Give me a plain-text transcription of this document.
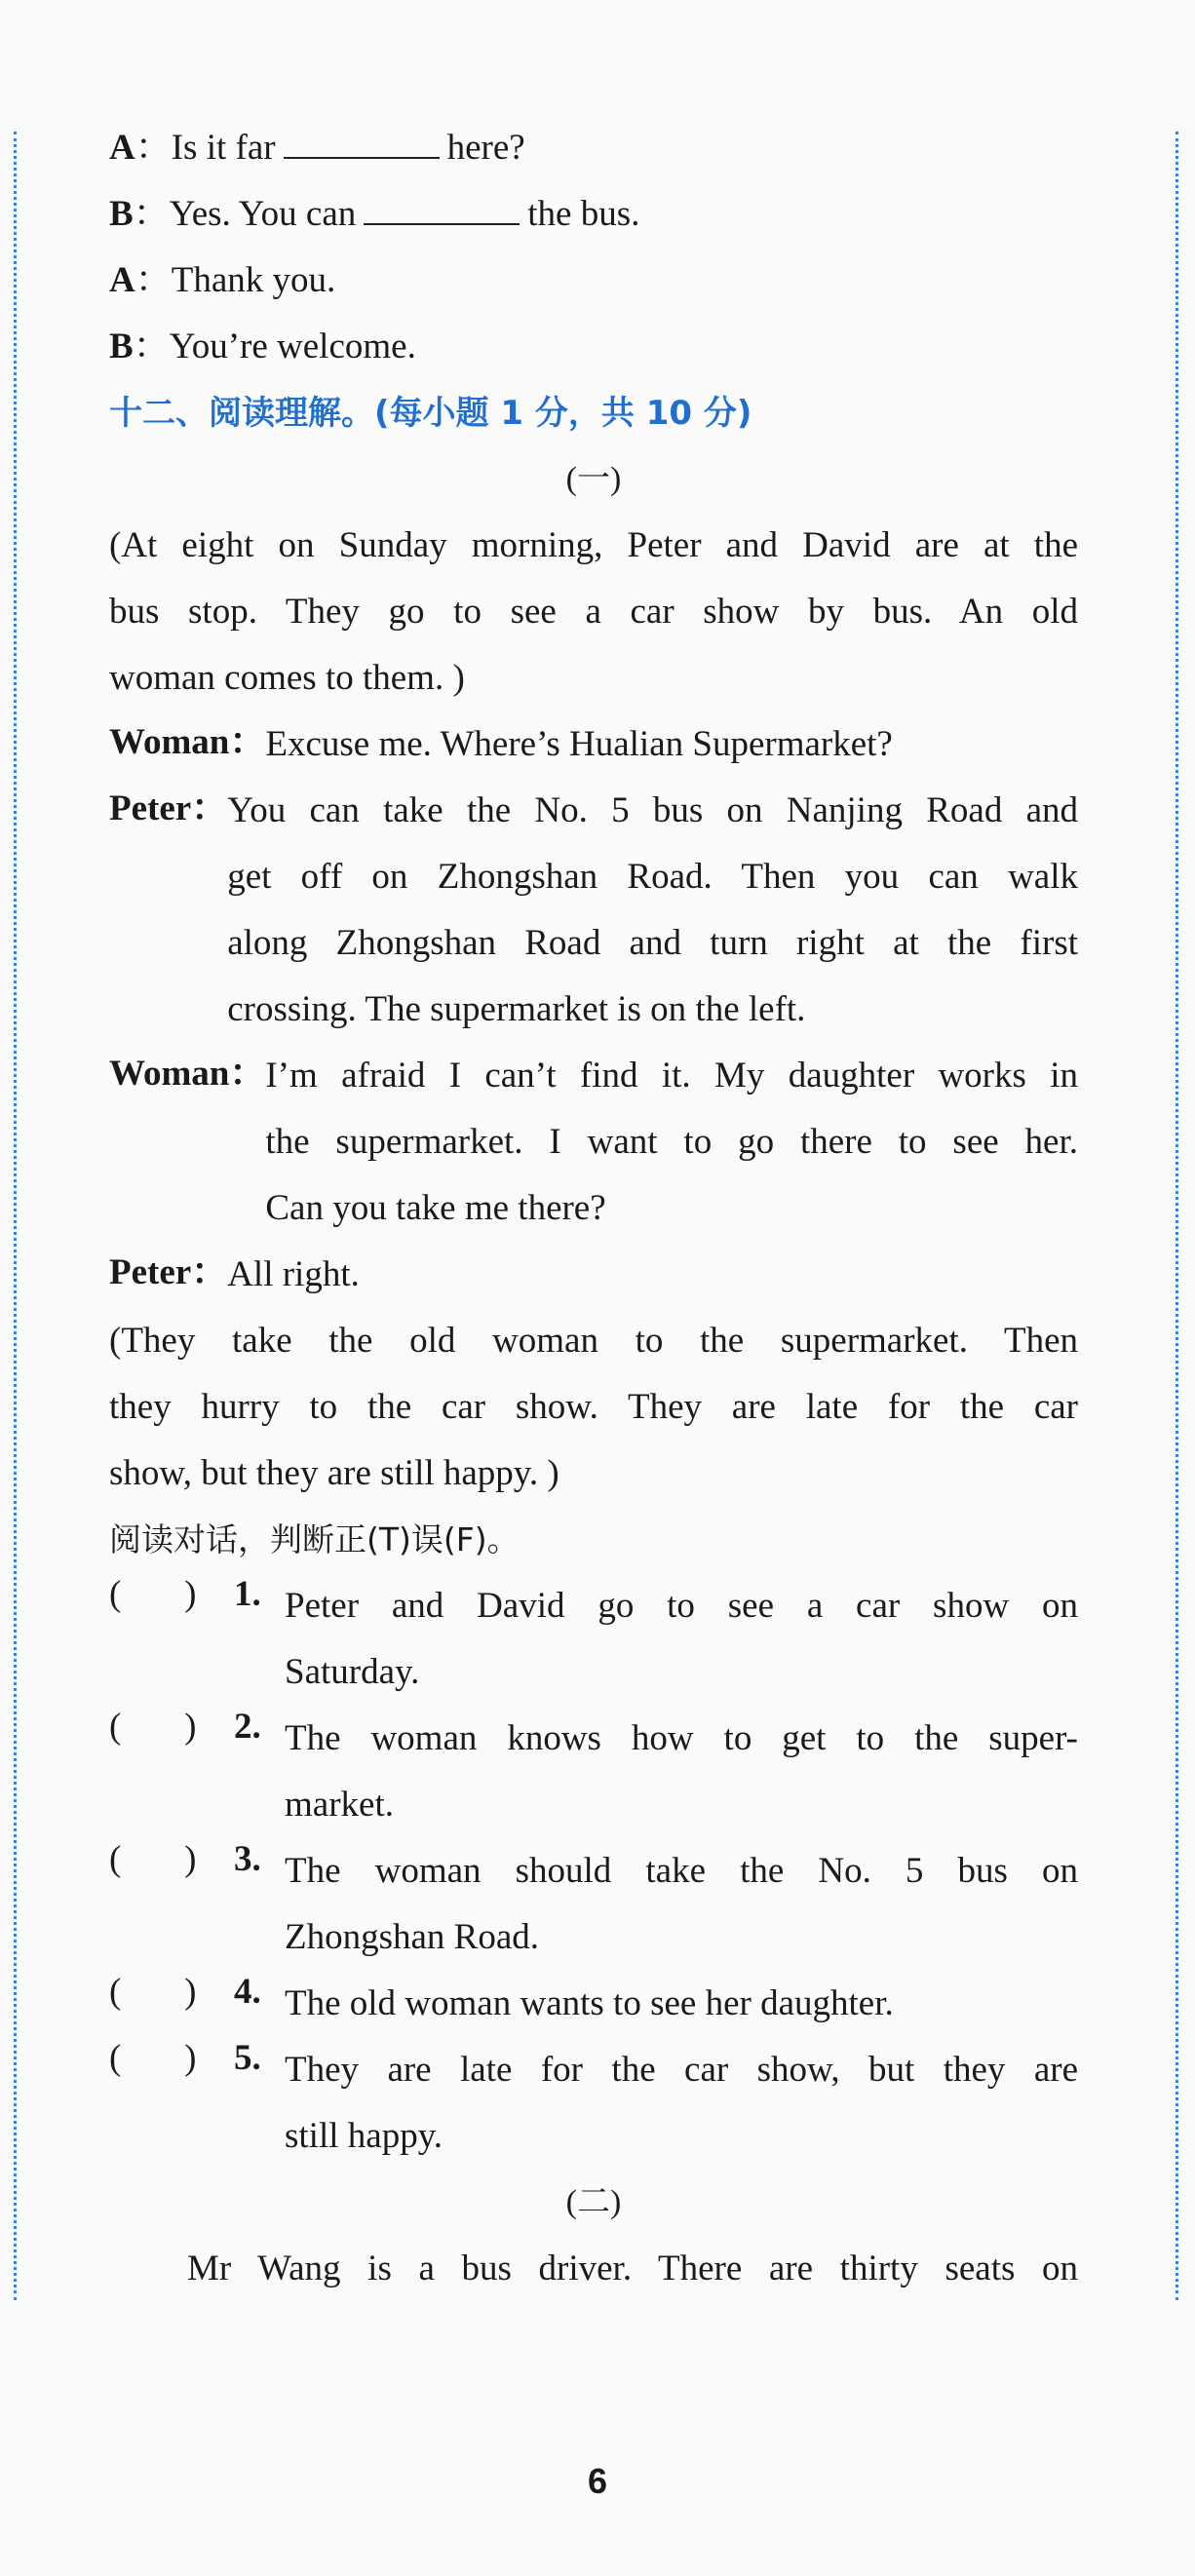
A：Is it far	here?
B：Yes. You can	the bus.
A：Thank you.
B：You’re welcome.
十二、阅读理解。(每小题 1 分，共 10 分)
(一)
(At eight on Sunday morning, Peter and David are at the
bus stop. They go to see a car show by bus. An old
woman comes to them. )
Woman： Excuse me. Where’s Hualian Supermarket?
Peter： You can take the No. 5 bus on Nanjing Road and
get off on Zhongshan Road. Then you can walk
along Zhongshan Road and turn right at the first
crossing. The supermarket is on the left.
Woman： I’m afraid I can’t find it. My daughter works in
the supermarket. I want to go there to see her.
Can you take me there?
Peter： All right.
(They take the old woman to the supermarket. Then
they hurry to the car show. They are late for the car
show, but they are still happy. )
阅读对话，判断正(T)误(F)。
(       )	1. Peter and David go to see a car show on
Saturday.
(       )	2. The woman knows how to get to the super-
market.
(       )	3. The woman should take the No. 5 bus on
Zhongshan Road.
(       )	4. The old woman wants to see her daughter.
(       )	5. They are late for the car show, but they are
still happy.
(二)
Mr Wang is a bus driver. There are thirty seats on
6
